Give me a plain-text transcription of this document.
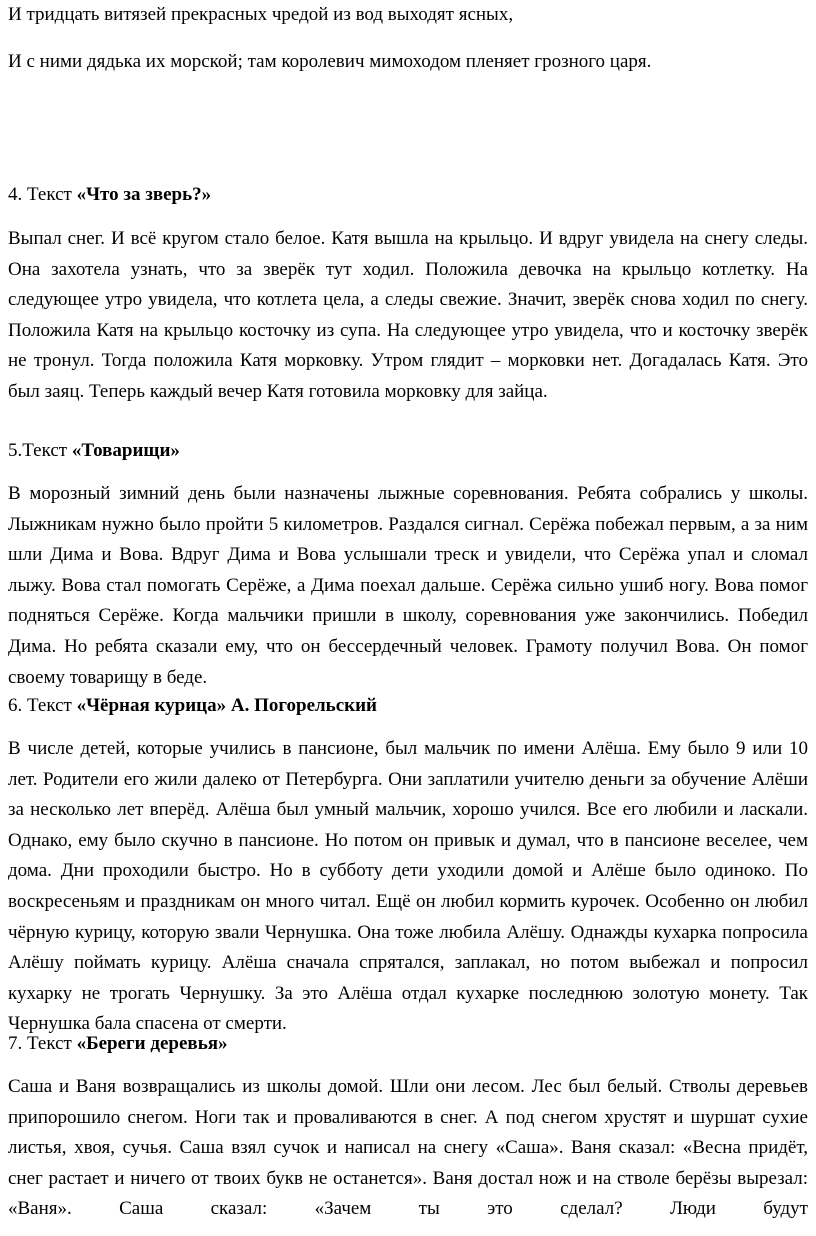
И тридцать витязей прекрасных чредой из вод выходят ясных,
И с ними дядька их морской; там королевич мимоходом пленяет грозного царя.
4. Текст «Что за зверь?»
Выпал снег. И всё кругом стало белое. Катя вышла на крыльцо. И вдруг увидела на снегу следы. Она захотела узнать, что за зверёк тут ходил. Положила девочка на крыльцо котлетку. На следующее утро увидела, что котлета цела, а следы свежие. Значит, зверёк снова ходил по снегу. Положила Катя на крыльцо косточку из супа. На следующее утро увидела, что и косточку зверёк не тронул. Тогда положила Катя морковку. Утром глядит – морковки нет. Догадалась Катя. Это был заяц. Теперь каждый вечер Катя готовила морковку для зайца.
5.Текст «Товарищи»
В морозный зимний день были назначены лыжные соревнования. Ребята собрались у школы. Лыжникам нужно было пройти 5 километров. Раздался сигнал. Серёжа побежал первым, а за ним шли Дима и Вова. Вдруг Дима и Вова услышали треск и увидели, что Серёжа упал и сломал лыжу. Вова стал помогать Серёже, а Дима поехал дальше. Серёжа сильно ушиб ногу. Вова помог подняться Серёже. Когда мальчики пришли в школу, соревнования уже закончились. Победил Дима. Но ребята сказали ему, что он бессердечный человек. Грамоту получил Вова. Он помог своему товарищу в беде.
6. Текст «Чёрная курица» А. Погорельский
В числе детей, которые учились в пансионе, был мальчик по имени Алёша. Ему было 9 или 10 лет. Родители его жили далеко от Петербурга. Они заплатили учителю деньги за обучение Алёши за несколько лет вперёд. Алёша был умный мальчик, хорошо учился. Все его любили и ласкали. Однако, ему было скучно в пансионе. Но потом он привык и думал, что в пансионе веселее, чем дома. Дни проходили быстро. Но в субботу дети уходили домой и Алёше было одиноко. По воскресеньям и праздникам он много читал. Ещё он любил кормить курочек. Особенно он любил чёрную курицу, которую звали Чернушка. Она тоже любила Алёшу. Однажды кухарка попросила Алёшу поймать курицу. Алёша сначала спрятался, заплакал, но потом выбежал и попросил кухарку не трогать Чернушку. За это Алёша отдал кухарке последнюю золотую монету. Так Чернушка бала спасена от смерти.
7. Текст «Береги деревья»
Саша и Ваня возвращались из школы домой. Шли они лесом. Лес был белый. Стволы деревьев припорошило снегом. Ноги так и проваливаются в снег. А под снегом хрустят и шуршат сухие листья, хвоя, сучья. Саша взял сучок и написал на снегу «Саша». Ваня сказал: «Весна придёт, снег растает и ничего от твоих букв не останется». Ваня достал нож и на стволе берёзы вырезал: «Ваня». Саша сказал: «Зачем ты это сделал? Люди будут
